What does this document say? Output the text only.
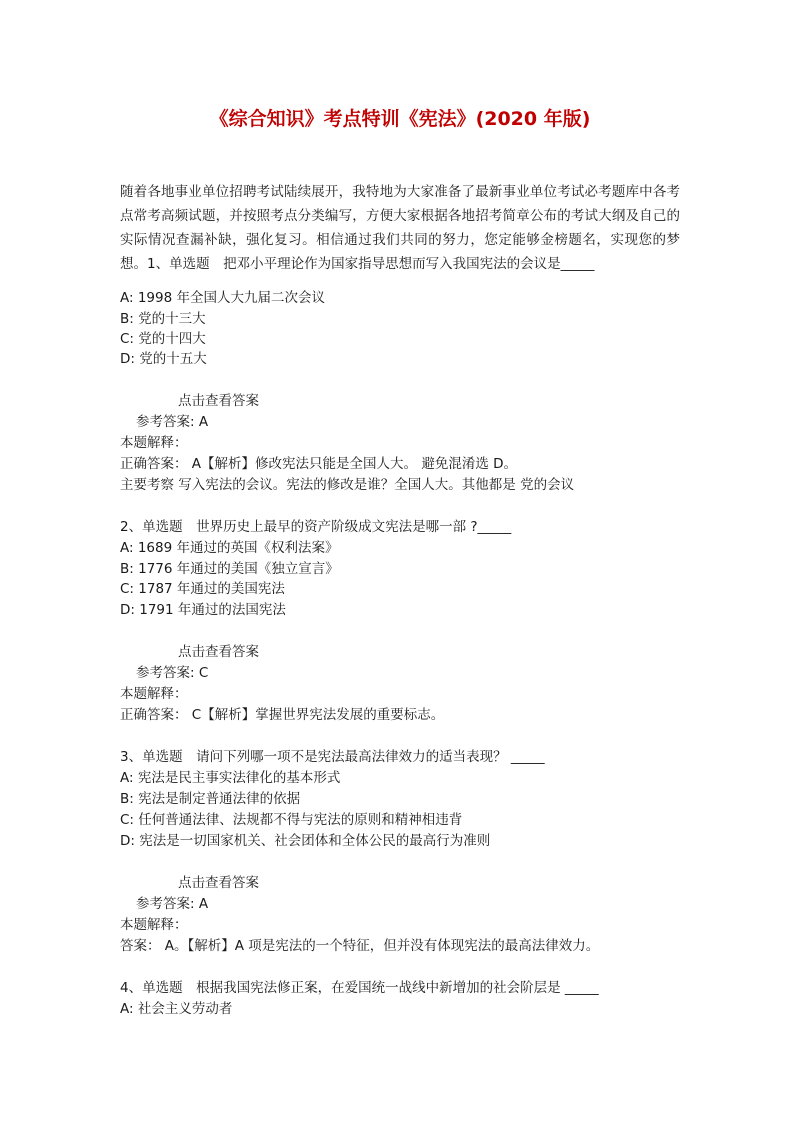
《综合知识》考点特训《宪法》(2020 年版)
随着各地事业单位招聘考试陆续展开，我特地为大家准备了最新事业单位考试必考题库中各考点常考高频试题，并按照考点分类编写，方便大家根据各地招考简章公布的考试大纲及自己的实际情况查漏补缺，强化复习。相信通过我们共同的努力，您定能够金榜题名，实现您的梦想。1、单选题　把邓小平理论作为国家指导思想而写入我国宪法的会议是_____
A: 1998 年全国人大九届二次会议
B: 党的十三大
C: 党的十四大
D: 党的十五大
点击查看答案
参考答案: A
本题解释：
正确答案： A【解析】修改宪法只能是全国人大。 避免混淆选 D。
主要考察 写入宪法的会议。宪法的修改是谁？全国人大。其他都是 党的会议
2、单选题　世界历史上最早的资产阶级成文宪法是哪一部 ?_____
A: 1689 年通过的英国《权利法案》
B: 1776 年通过的美国《独立宣言》
C: 1787 年通过的美国宪法
D: 1791 年通过的法国宪法
点击查看答案
参考答案: C
本题解释：
正确答案： C【解析】掌握世界宪法发展的重要标志。
3、单选题　请问下列哪一项不是宪法最高法律效力的适当表现？ _____
A: 宪法是民主事实法律化的基本形式
B: 宪法是制定普通法律的依据
C: 任何普通法律、法规都不得与宪法的原则和精神相违背
D: 宪法是一切国家机关、社会团体和全体公民的最高行为准则
点击查看答案
参考答案: A
本题解释：
答案： A。【解析】A 项是宪法的一个特征，但并没有体现宪法的最高法律效力。
4、单选题　根据我国宪法修正案，在爱国统一战线中新增加的社会阶层是 _____
A: 社会主义劳动者
